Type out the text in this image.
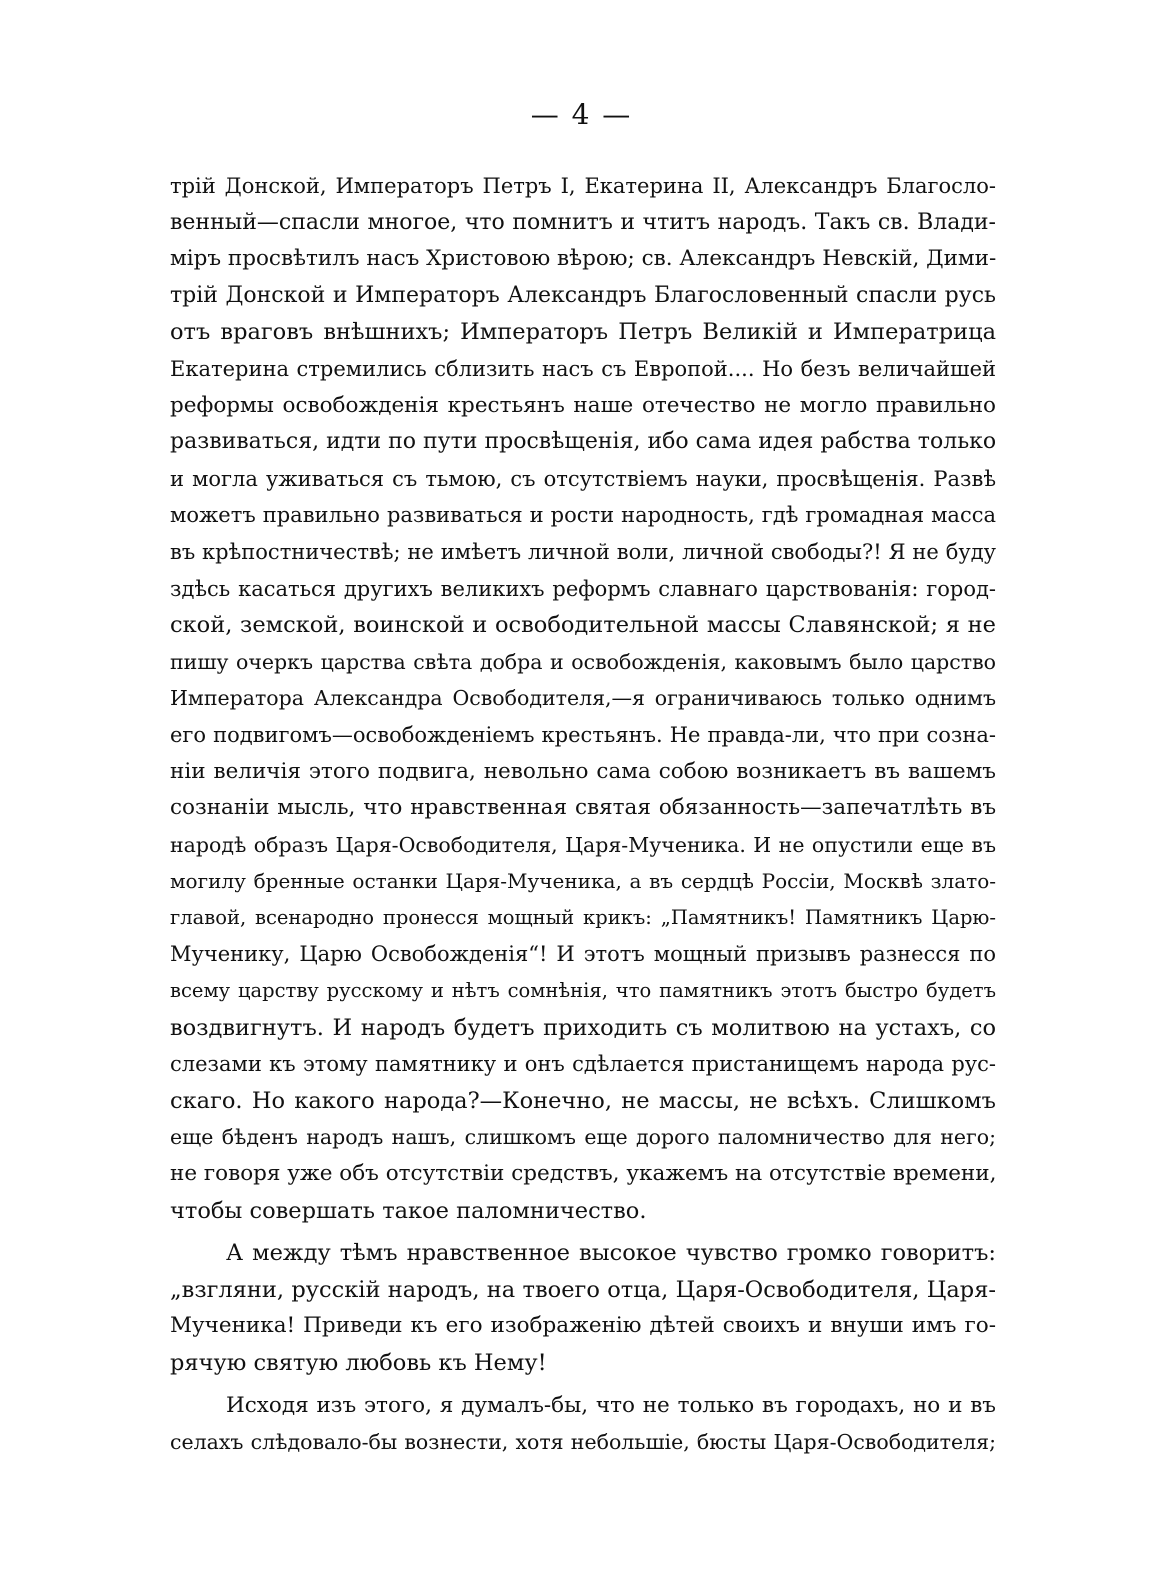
— 4 —
трій Донской, Императоръ Петръ I, Екатерина II, Александръ Благосло-
венный—спасли многое, что помнитъ и чтитъ народъ. Такъ св. Влади-
міръ просвѣтилъ насъ Христовою вѣрою; св. Александръ Невскій, Дими-
трій Донской и Императоръ Александръ Благословенный спасли русь
отъ враговъ внѣшнихъ; Императоръ Петръ Великій и Императрица
Екатерина стремились сблизить насъ съ Европой.... Но безъ величайшей
реформы освобожденія крестьянъ наше отечество не могло правильно
развиваться, идти по пути просвѣщенія, ибо сама идея рабства только
и могла уживаться съ тьмою, съ отсутствіемъ науки, просвѣщенія. Развѣ
можетъ правильно развиваться и рости народность, гдѣ громадная масса
въ крѣпостничествѣ; не имѣетъ личной воли, личной свободы?! Я не буду
здѣсь касаться другихъ великихъ реформъ славнаго царствованія: город-
ской, земской, воинской и освободительной массы Славянской; я не
пишу очеркъ царства свѣта добра и освобожденія, каковымъ было царство
Императора Александра Освободителя,—я ограничиваюсь только однимъ
его подвигомъ—освобожденіемъ крестьянъ. Не правда-ли, что при созна-
ніи величія этого подвига, невольно сама собою возникаетъ въ вашемъ
сознаніи мысль, что нравственная святая обязанность—запечатлѣть въ
народѣ образъ Царя-Освободителя, Царя-Мученика. И не опустили еще въ
могилу бренные останки Царя-Мученика, а въ сердцѣ Россіи, Москвѣ злато-
главой, всенародно пронесся мощный крикъ: „Памятникъ! Памятникъ Царю-
Мученику, Царю Освобожденія“! И этотъ мощный призывъ разнесся по
всему царству русскому и нѣтъ сомнѣнія, что памятникъ этотъ быстро будетъ
воздвигнутъ. И народъ будетъ приходить съ молитвою на устахъ, со
слезами къ этому памятнику и онъ сдѣлается пристанищемъ народа рус-
скаго. Но какого народа?—Конечно, не массы, не всѣхъ. Слишкомъ
еще бѣденъ народъ нашъ, слишкомъ еще дорого паломничество для него;
не говоря уже объ отсутствіи средствъ, укажемъ на отсутствіе времени,
чтобы совершать такое паломничество.
А между тѣмъ нравственное высокое чувство громко говоритъ:
„взгляни, русскій народъ, на твоего отца, Царя-Освободителя, Царя-
Мученика! Приведи къ его изображенію дѣтей своихъ и внуши имъ го-
рячую святую любовь къ Нему!
Исходя изъ этого, я думалъ-бы, что не только въ городахъ, но и въ
селахъ слѣдовало-бы вознести, хотя небольшіе, бюсты Царя-Освободителя;
